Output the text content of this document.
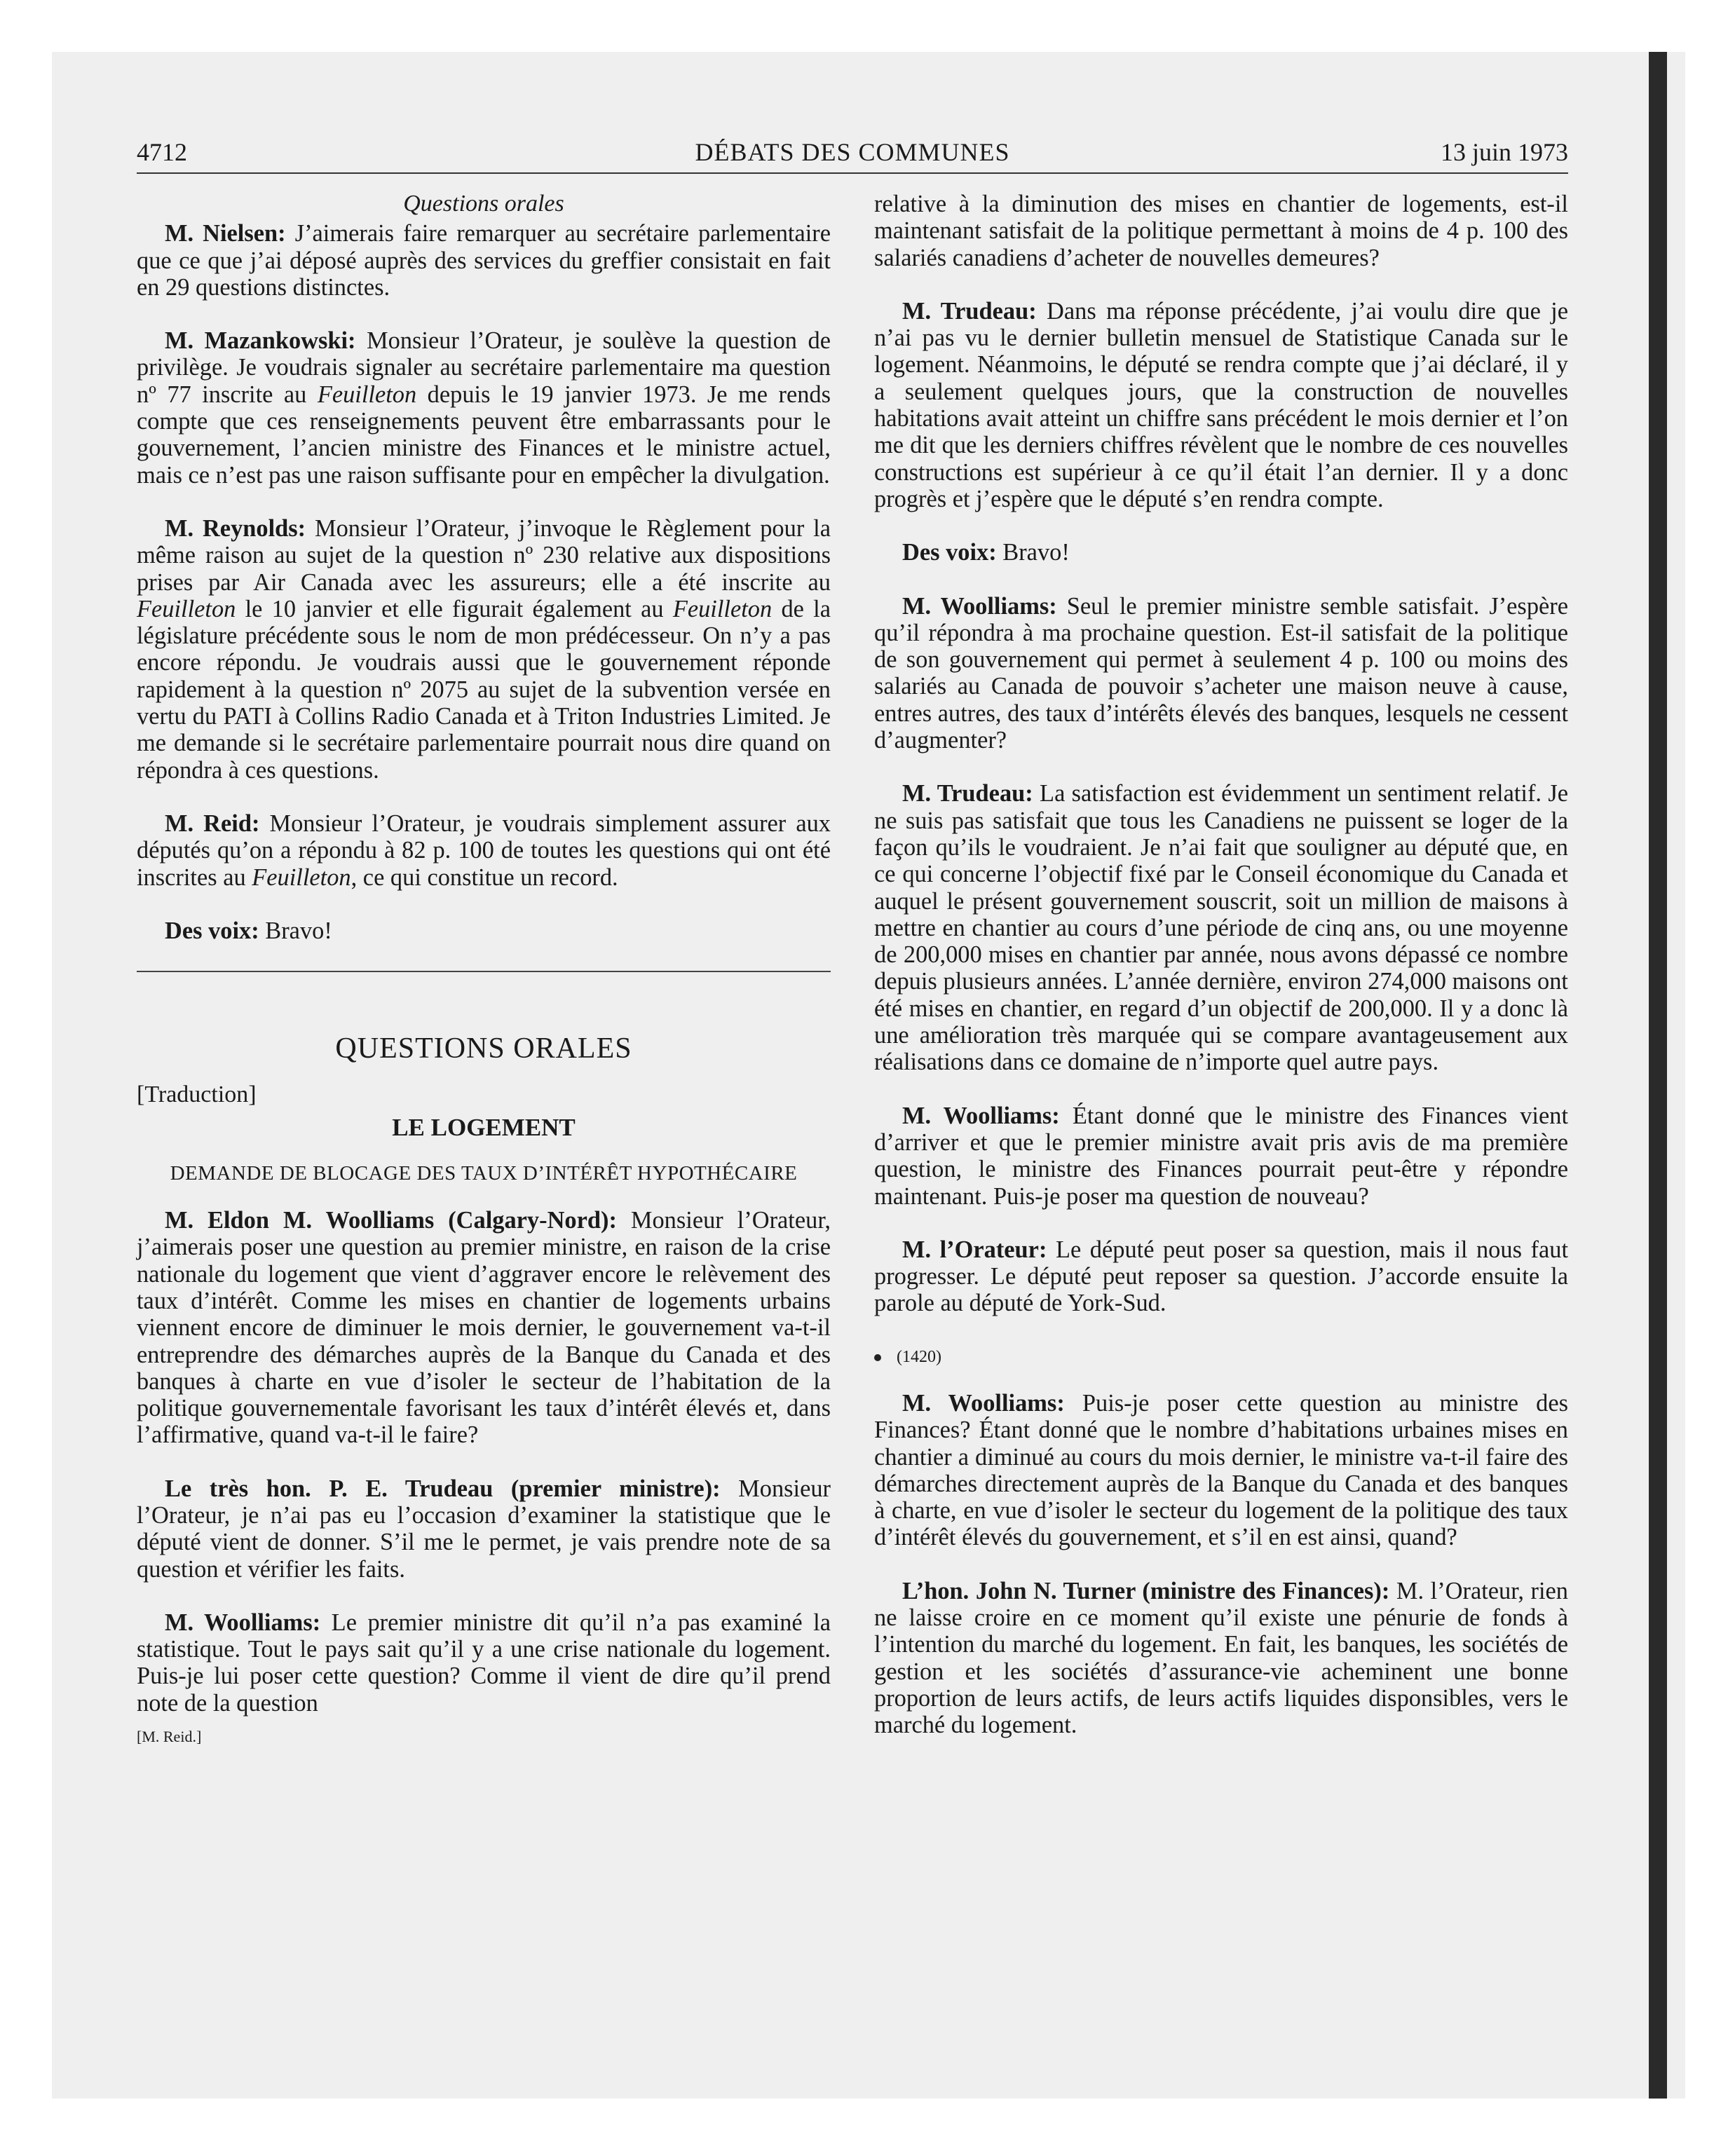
4712	DÉBATS DES COMMUNES	13 juin 1973
Questions orales

M. Nielsen: J’aimerais faire remarquer au secrétaire parlementaire que ce que j’ai déposé auprès des services du greffier consistait en fait en 29 questions distinctes.

M. Mazankowski: Monsieur l’Orateur, je soulève la question de privilège. Je voudrais signaler au secrétaire parlementaire ma question nº 77 inscrite au Feuilleton depuis le 19 janvier 1973. Je me rends compte que ces renseignements peuvent être embarrassants pour le gouvernement, l’ancien ministre des Finances et le ministre actuel, mais ce n’est pas une raison suffisante pour en empêcher la divulgation.

M. Reynolds: Monsieur l’Orateur, j’invoque le Règlement pour la même raison au sujet de la question nº 230 relative aux dispositions prises par Air Canada avec les assureurs; elle a été inscrite au Feuilleton le 10 janvier et elle figurait également au Feuilleton de la législature précédente sous le nom de mon prédécesseur. On n’y a pas encore répondu. Je voudrais aussi que le gouvernement réponde rapidement à la question nº 2075 au sujet de la subvention versée en vertu du PATI à Collins Radio Canada et à Triton Industries Limited. Je me demande si le secrétaire parlementaire pourrait nous dire quand on répondra à ces questions.

M. Reid: Monsieur l’Orateur, je voudrais simplement assurer aux députés qu’on a répondu à 82 p. 100 de toutes les questions qui ont été inscrites au Feuilleton, ce qui constitue un record.

Des voix: Bravo!

QUESTIONS ORALES
[Traduction]
LE LOGEMENT
DEMANDE DE BLOCAGE DES TAUX D’INTÉRÊT HYPOTHÉCAIRE

M. Eldon M. Woolliams (Calgary-Nord): Monsieur l’Orateur, j’aimerais poser une question au premier ministre, en raison de la crise nationale du logement que vient d’aggraver encore le relèvement des taux d’intérêt. Comme les mises en chantier de logements urbains viennent encore de diminuer le mois dernier, le gouvernement va-t-il entreprendre des démarches auprès de la Banque du Canada et des banques à charte en vue d’isoler le secteur de l’habitation de la politique gouvernementale favorisant les taux d’intérêt élevés et, dans l’affirmative, quand va-t-il le faire?

Le très hon. P. E. Trudeau (premier ministre): Monsieur l’Orateur, je n’ai pas eu l’occasion d’examiner la statistique que le député vient de donner. S’il me le permet, je vais prendre note de sa question et vérifier les faits.

M. Woolliams: Le premier ministre dit qu’il n’a pas examiné la statistique. Tout le pays sait qu’il y a une crise nationale du logement. Puis-je lui poser cette question? Comme il vient de dire qu’il prend note de la question

[M. Reid.]

relative à la diminution des mises en chantier de logements, est-il maintenant satisfait de la politique permettant à moins de 4 p. 100 des salariés canadiens d’acheter de nouvelles demeures?

M. Trudeau: Dans ma réponse précédente, j’ai voulu dire que je n’ai pas vu le dernier bulletin mensuel de Statistique Canada sur le logement. Néanmoins, le député se rendra compte que j’ai déclaré, il y a seulement quelques jours, que la construction de nouvelles habitations avait atteint un chiffre sans précédent le mois dernier et l’on me dit que les derniers chiffres révèlent que le nombre de ces nouvelles constructions est supérieur à ce qu’il était l’an dernier. Il y a donc progrès et j’espère que le député s’en rendra compte.

Des voix: Bravo!

M. Woolliams: Seul le premier ministre semble satisfait. J’espère qu’il répondra à ma prochaine question. Est-il satisfait de la politique de son gouvernement qui permet à seulement 4 p. 100 ou moins des salariés au Canada de pouvoir s’acheter une maison neuve à cause, entres autres, des taux d’intérêts élevés des banques, lesquels ne cessent d’augmenter?

M. Trudeau: La satisfaction est évidemment un sentiment relatif. Je ne suis pas satisfait que tous les Canadiens ne puissent se loger de la façon qu’ils le voudraient. Je n’ai fait que souligner au député que, en ce qui concerne l’objectif fixé par le Conseil économique du Canada et auquel le présent gouvernement souscrit, soit un million de maisons à mettre en chantier au cours d’une période de cinq ans, ou une moyenne de 200,000 mises en chantier par année, nous avons dépassé ce nombre depuis plusieurs années. L’année dernière, environ 274,000 maisons ont été mises en chantier, en regard d’un objectif de 200,000. Il y a donc là une amélioration très marquée qui se compare avantageusement aux réalisations dans ce domaine de n’importe quel autre pays.

M. Woolliams: Étant donné que le ministre des Finances vient d’arriver et que le premier ministre avait pris avis de ma première question, le ministre des Finances pourrait peut-être y répondre maintenant. Puis-je poser ma question de nouveau?

M. l’Orateur: Le député peut poser sa question, mais il nous faut progresser. Le député peut reposer sa question. J’accorde ensuite la parole au député de York-Sud.

(1420)

M. Woolliams: Puis-je poser cette question au ministre des Finances? Étant donné que le nombre d’habitations urbaines mises en chantier a diminué au cours du mois dernier, le ministre va-t-il faire des démarches directement auprès de la Banque du Canada et des banques à charte, en vue d’isoler le secteur du logement de la politique des taux d’intérêt élevés du gouvernement, et s’il en est ainsi, quand?

L’hon. John N. Turner (ministre des Finances): M. l’Orateur, rien ne laisse croire en ce moment qu’il existe une pénurie de fonds à l’intention du marché du logement. En fait, les banques, les sociétés de gestion et les sociétés d’assurance-vie acheminent une bonne proportion de leurs actifs, de leurs actifs liquides disponsibles, vers le marché du logement.
